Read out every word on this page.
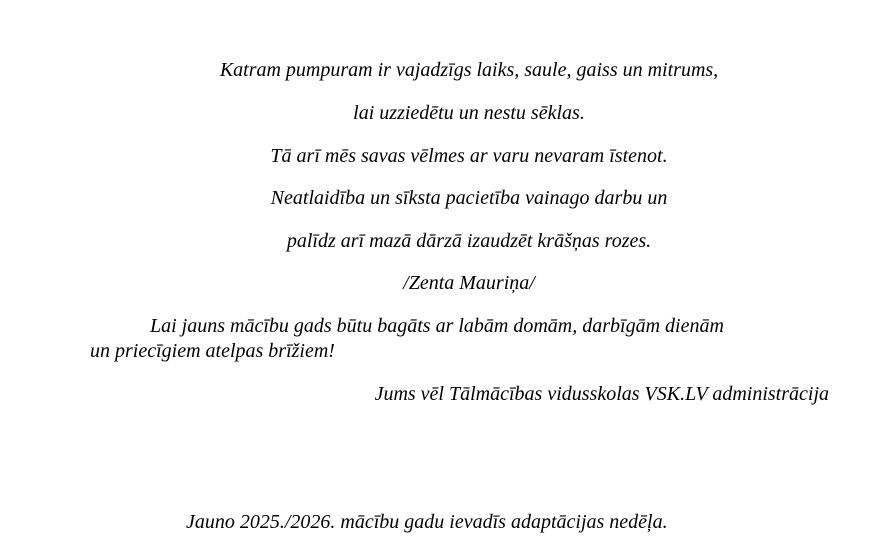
Katram pumpuram ir vajadzīgs laiks, saule, gaiss un mitrums,
lai uzziedētu un nestu sēklas.
Tā arī mēs savas vēlmes ar varu nevaram īstenot.
Neatlaidība un sīksta pacietība vainago darbu un
palīdz arī mazā dārzā izaudzēt krāšņas rozes.
/Zenta Mauriņa/
Lai jauns mācību gads būtu bagāts ar labām domām, darbīgām dienām
un priecīgiem atelpas brīžiem!
Jums vēl Tālmācības vidusskolas VSK.LV administrācija
Jauno 2025./2026. mācību gadu ievadīs adaptācijas nedēļa.
